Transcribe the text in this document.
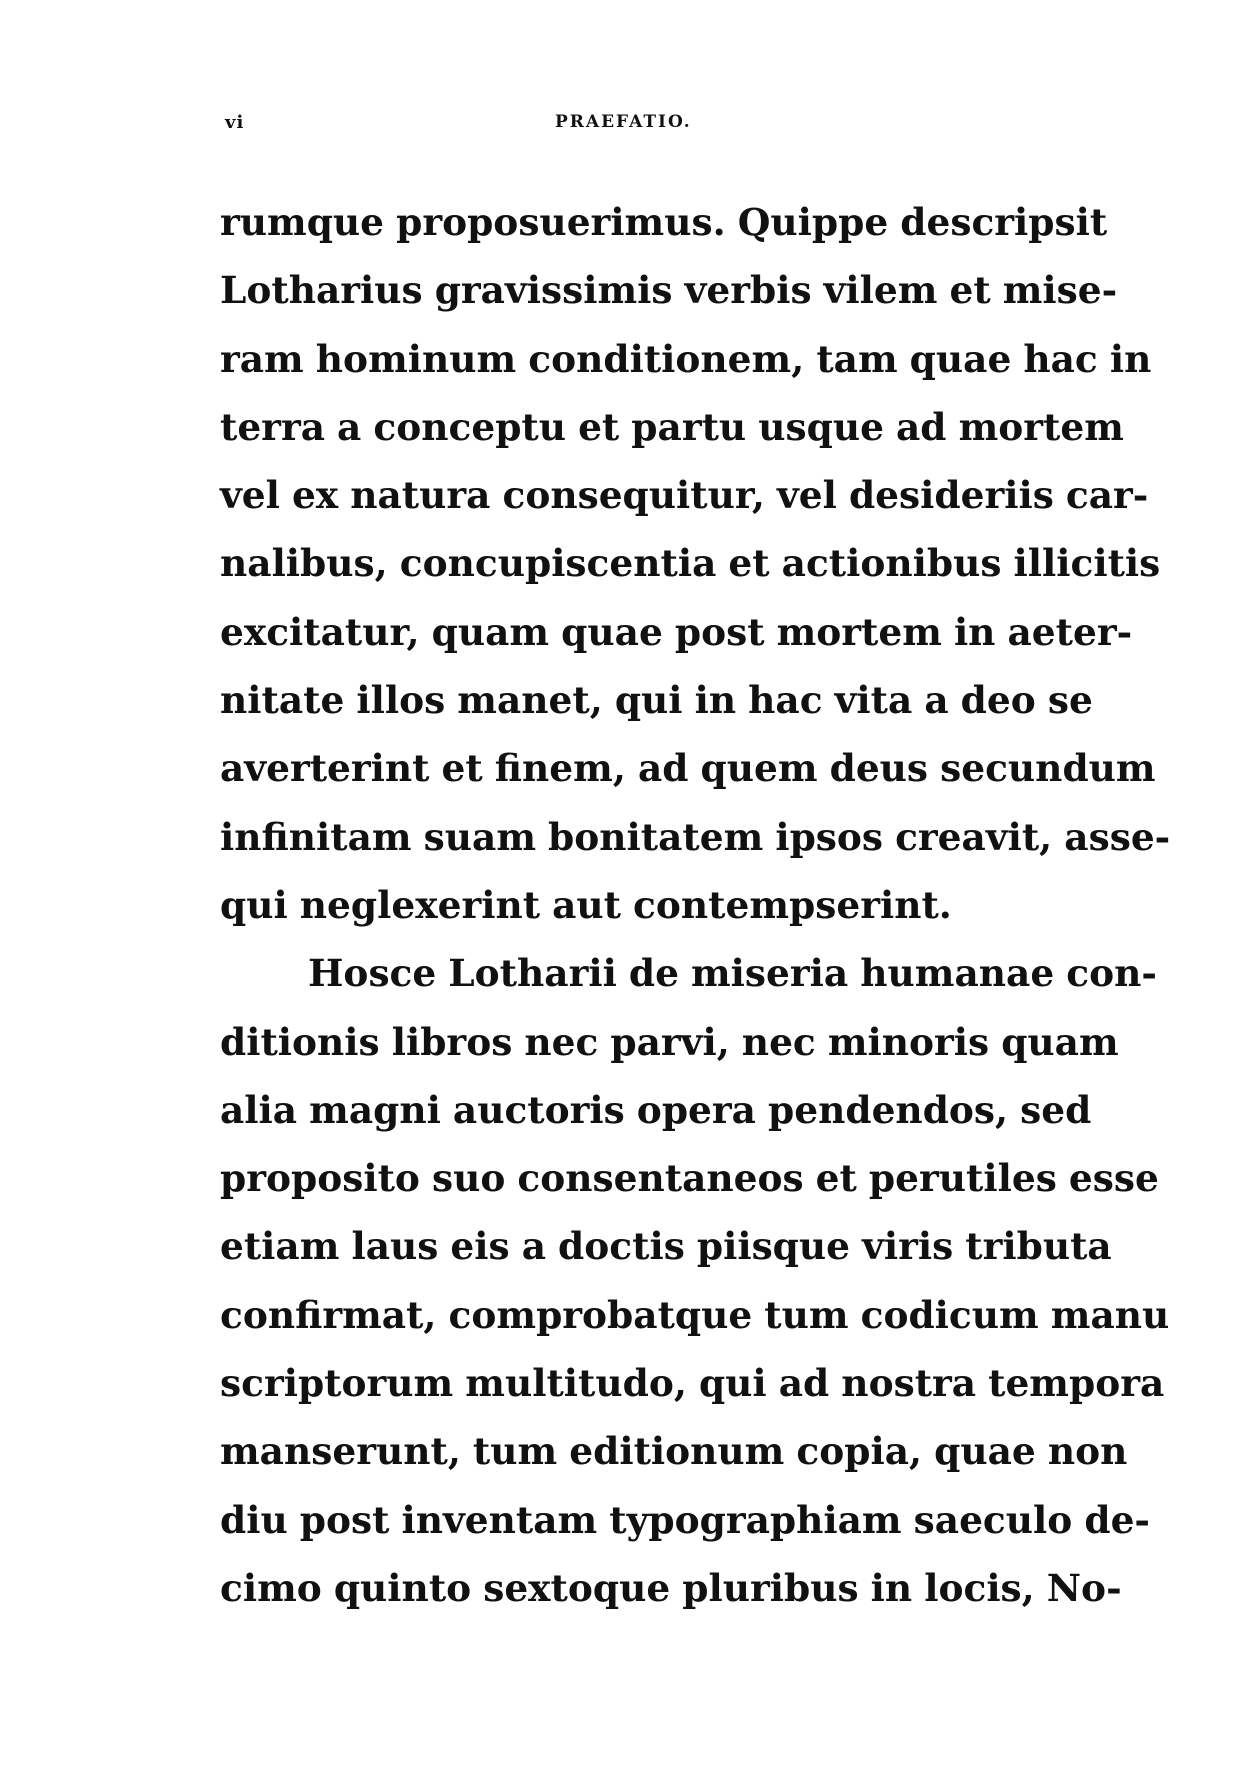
vi	PRAEFATIO.
rumque proposuerimus. Quippe descripsit
Lotharius gravissimis verbis vilem et mise-
ram hominum conditionem, tam quae hac in
terra a conceptu et partu usque ad mortem
vel ex natura consequitur, vel desideriis car-
nalibus, concupiscentia et actionibus illicitis
excitatur, quam quae post mortem in aeter-
nitate illos manet, qui in hac vita a deo se
averterint et finem, ad quem deus secundum
infinitam suam bonitatem ipsos creavit, asse-
qui neglexerint aut contempserint.
Hosce Lotharii de miseria humanae con-
ditionis libros nec parvi, nec minoris quam
alia magni auctoris opera pendendos, sed
proposito suo consentaneos et perutiles esse
etiam laus eis a doctis piisque viris tributa
confirmat, comprobatque tum codicum manu
scriptorum multitudo, qui ad nostra tempora
manserunt, tum editionum copia, quae non
diu post inventam typographiam saeculo de-
cimo quinto sextoque pluribus in locis, No-
